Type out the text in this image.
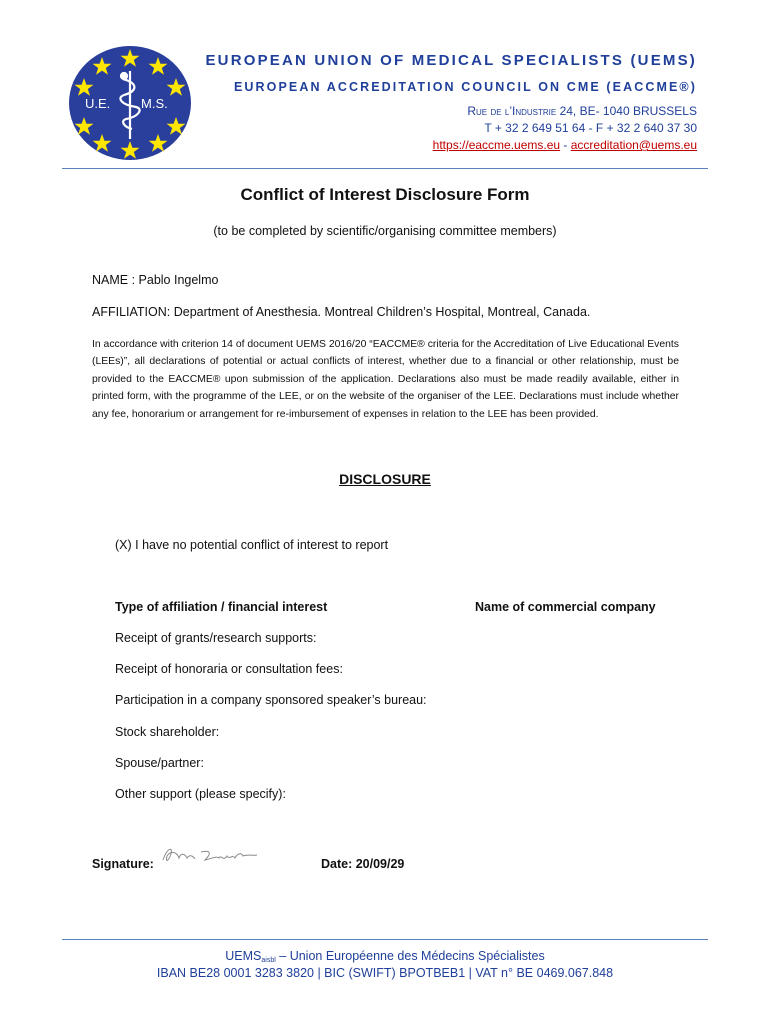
U.E. M.S.
EUROPEAN UNION OF MEDICAL SPECIALISTS (UEMS)
EUROPEAN ACCREDITATION COUNCIL ON CME (EACCME®)
Rue de l’Industrie 24, BE- 1040 BRUSSELS
T + 32 2 649 51 64 - F + 32 2 640 37 30
https://eaccme.uems.eu - accreditation@uems.eu
Conflict of Interest Disclosure Form
(to be completed by scientific/organising committee members)
NAME : Pablo Ingelmo
AFFILIATION: Department of Anesthesia. Montreal Children’s Hospital, Montreal, Canada.
In accordance with criterion 14 of document UEMS 2016/20 “EACCME® criteria for the Accreditation of Live Educational Events (LEEs)”, all declarations of potential or actual conflicts of interest, whether due to a financial or other relationship, must be provided to the EACCME® upon submission of the application. Declarations also must be made readily available, either in printed form, with the programme of the LEE, or on the website of the organiser of the LEE. Declarations must include whether any fee, honorarium or arrangement for re-imbursement of expenses in relation to the LEE has been provided.
DISCLOSURE
(X) I have no potential conflict of interest to report
Type of affiliation / financial interest	Name of commercial company
Receipt of grants/research supports:
Receipt of honoraria or consultation fees:
Participation in a company sponsored speaker’s bureau:
Stock shareholder:
Spouse/partner:
Other support (please specify):
Signature:	Date: 20/09/29
$UEMS_{aisbl}$ – Union Européenne des Médecins Spécialistes
IBAN BE28 0001 3283 3820 | BIC (SWIFT) BPOTBEB1 | VAT n° BE 0469.067.848
